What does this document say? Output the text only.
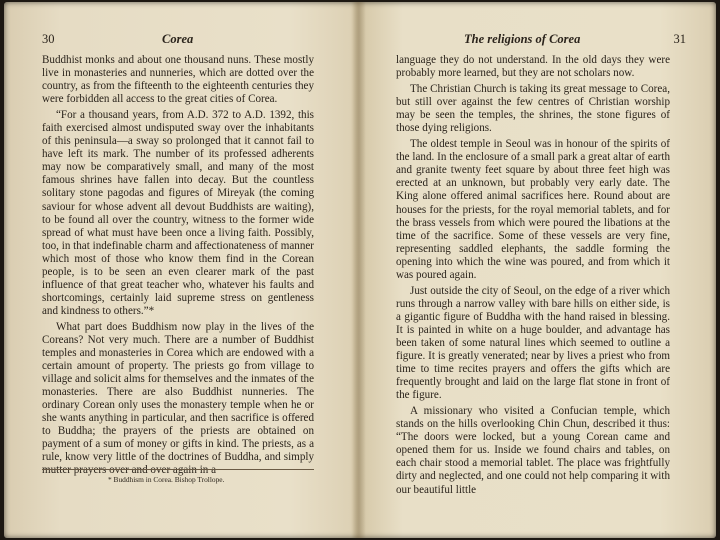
30	Corea

Buddhist monks and about one thousand nuns. These mostly live in monasteries and nunneries, which are dotted over the country, as from the fifteenth to the eighteenth centuries they were forbidden all access to the great cities of Corea.

“For a thousand years, from A.D. 372 to A.D. 1392, this faith exercised almost undisputed sway over the inhabitants of this peninsula—a sway so prolonged that it cannot fail to have left its mark. The number of its professed adherents may now be comparatively small, and many of the most famous shrines have fallen into decay. But the countless solitary stone pagodas and figures of Mireyak (the coming saviour for whose advent all devout Buddhists are waiting), to be found all over the country, witness to the former wide spread of what must have been once a living faith. Possibly, too, in that indefinable charm and affectionateness of manner which most of those who know them find in the Corean people, is to be seen an even clearer mark of the past influence of that great teacher who, whatever his faults and shortcomings, certainly laid supreme stress on gentleness and kindness to others.”*

What part does Buddhism now play in the lives of the Coreans? Not very much. There are a number of Buddhist temples and monasteries in Corea which are endowed with a certain amount of property. The priests go from village to village and solicit alms for themselves and the inmates of the monasteries. There are also Buddhist nunneries. The ordinary Corean only uses the monastery temple when he or she wants anything in particular, and then sacrifice is offered to Buddha; the prayers of the priests are obtained on payment of a sum of money or gifts in kind. The priests, as a rule, know very little of the doctrines of Buddha, and simply mutter prayers over and over again in a

* Buddhism in Corea. Bishop Trollope.
The religions of Corea	31

language they do not understand. In the old days they were probably more learned, but they are not scholars now.

The Christian Church is taking its great message to Corea, but still over against the few centres of Christian worship may be seen the temples, the shrines, the stone figures of those dying religions.

The oldest temple in Seoul was in honour of the spirits of the land. In the enclosure of a small park a great altar of earth and granite twenty feet square by about three feet high was erected at an unknown, but probably very early date. The King alone offered animal sacrifices here. Round about are houses for the priests, for the royal memorial tablets, and for the brass vessels from which were poured the libations at the time of the sacrifice. Some of these vessels are very fine, representing saddled elephants, the saddle forming the opening into which the wine was poured, and from which it was poured again.

Just outside the city of Seoul, on the edge of a river which runs through a narrow valley with bare hills on either side, is a gigantic figure of Buddha with the hand raised in blessing. It is painted in white on a huge boulder, and advantage has been taken of some natural lines which seemed to outline a figure. It is greatly venerated; near by lives a priest who from time to time recites prayers and offers the gifts which are frequently brought and laid on the large flat stone in front of the figure.

A missionary who visited a Confucian temple, which stands on the hills overlooking Chin Chun, described it thus: “The doors were locked, but a young Corean came and opened them for us. Inside we found chairs and tables, on each chair stood a memorial tablet. The place was frightfully dirty and neglected, and one could not help comparing it with our beautiful little
